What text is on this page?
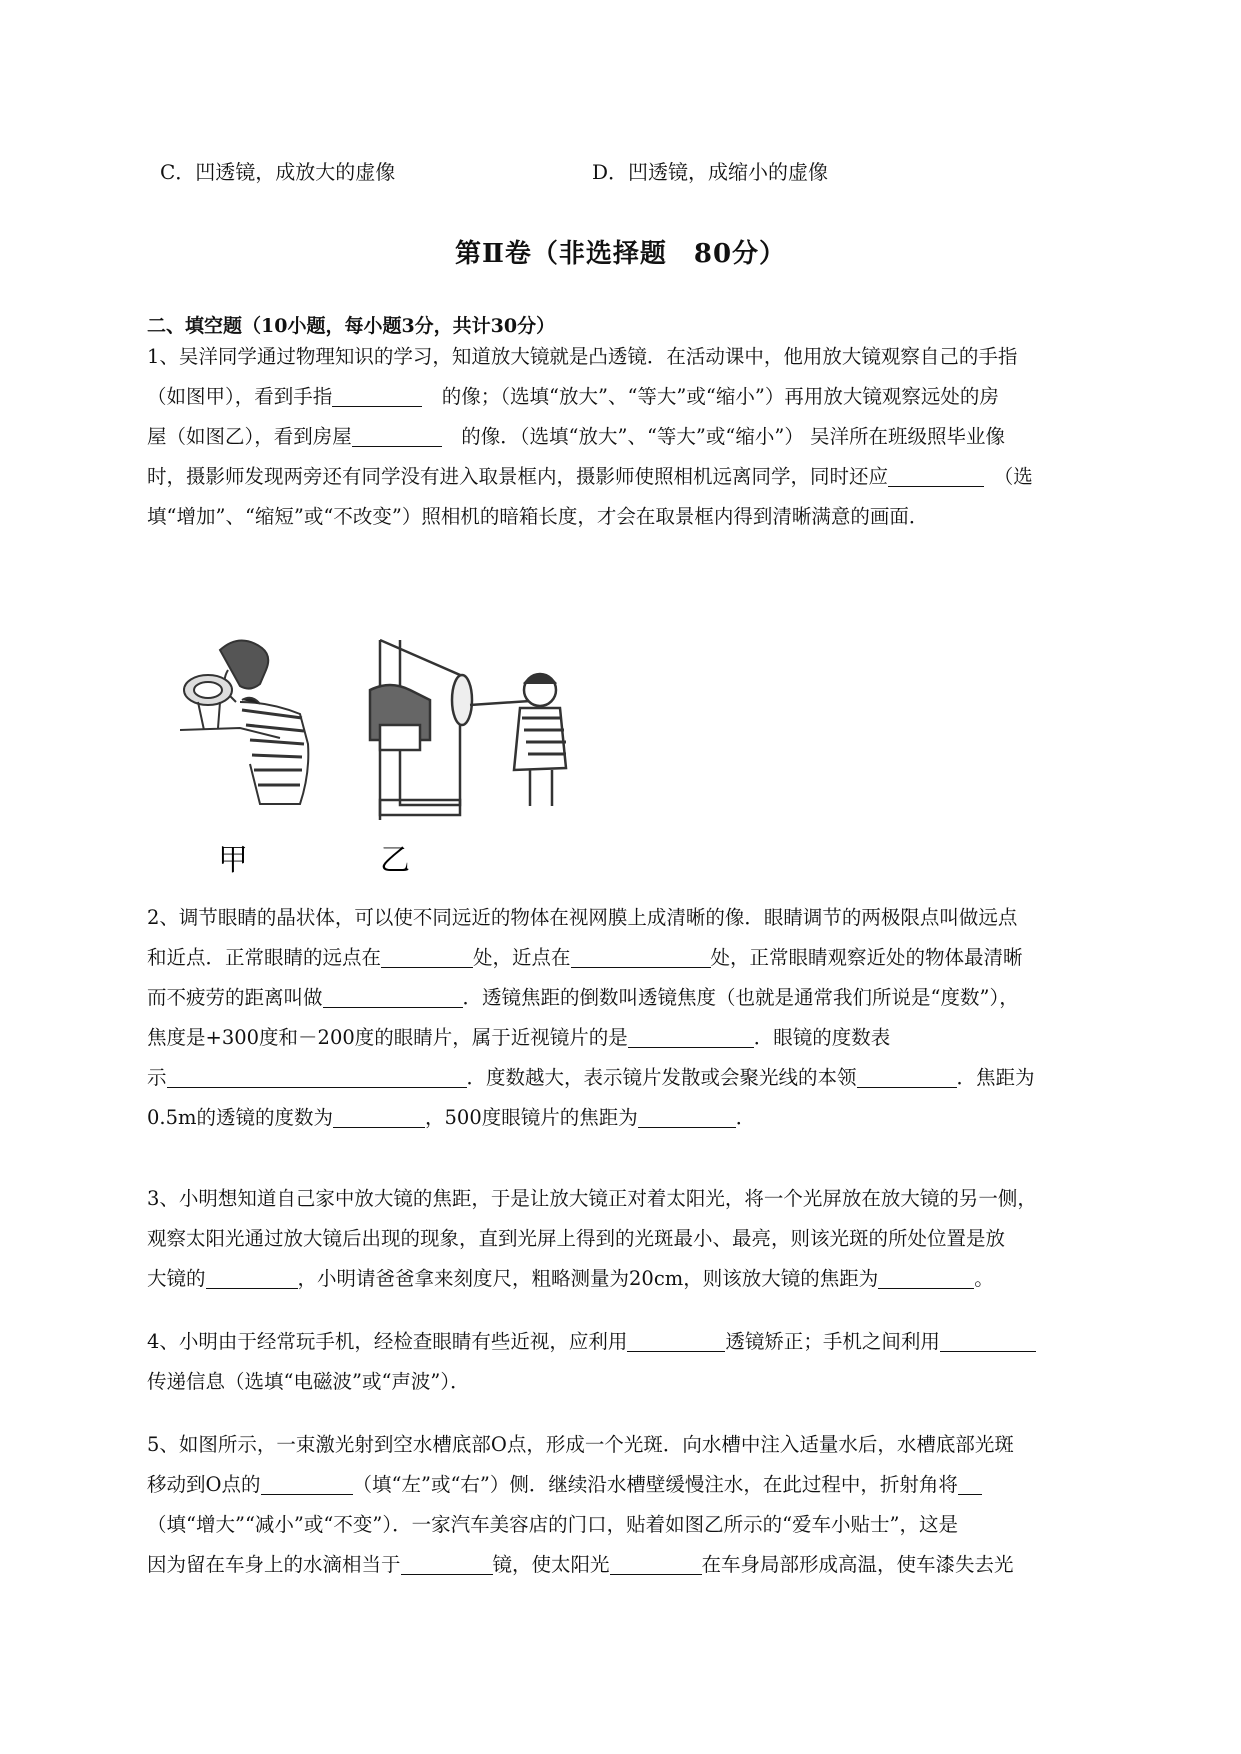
C．凹透镜，成放大的虚像	D．凹透镜，成缩小的虚像
第Ⅱ卷（非选择题　80分）
二、填空题（10小题，每小题3分，共计30分）
1、吴洋同学通过物理知识的学习，知道放大镜就是凸透镜．在活动课中，他用放大镜观察自己的手指
（如图甲），看到手指	　的像；（选填“放大”、“等大”或“缩小”）再用放大镜观察远处的房
屋（如图乙），看到房屋	　的像．（选填“放大”、“等大”或“缩小”） 吴洋所在班级照毕业像
时，摄影师发现两旁还有同学没有进入取景框内，摄影师使照相机远离同学，同时还应	　（选
填“增加”、“缩短”或“不改变”）照相机的暗箱长度，才会在取景框内得到清晰满意的画面．
甲	乙
2、调节眼睛的晶状体，可以使不同远近的物体在视网膜上成清晰的像．眼睛调节的两极限点叫做远点
和近点．正常眼睛的远点在	处，近点在	处，正常眼睛观察近处的物体最清晰
而不疲劳的距离叫做	．透镜焦距的倒数叫透镜焦度（也就是通常我们所说是“度数”），
焦度是+300度和－200度的眼睛片，属于近视镜片的是	．眼镜的度数表
示	．度数越大，表示镜片发散或会聚光线的本领	．焦距为
0.5m的透镜的度数为	，500度眼镜片的焦距为	．
3、小明想知道自己家中放大镜的焦距，于是让放大镜正对着太阳光，将一个光屏放在放大镜的另一侧，
观察太阳光通过放大镜后出现的现象，直到光屏上得到的光斑最小、最亮，则该光斑的所处位置是放
大镜的	，小明请爸爸拿来刻度尺，粗略测量为20cm，则该放大镜的焦距为	。
4、小明由于经常玩手机，经检查眼睛有些近视，应利用	透镜矫正；手机之间利用
传递信息（选填“电磁波”或“声波”）．
5、如图所示，一束激光射到空水槽底部O点，形成一个光斑．向水槽中注入适量水后，水槽底部光斑
移动到O点的	（填“左”或“右”）侧．继续沿水槽壁缓慢注水，在此过程中，折射角将
（填“增大”“减小”或“不变”）．一家汽车美容店的门口，贴着如图乙所示的“爱车小贴士”，这是
因为留在车身上的水滴相当于	镜，使太阳光	在车身局部形成高温，使车漆失去光
